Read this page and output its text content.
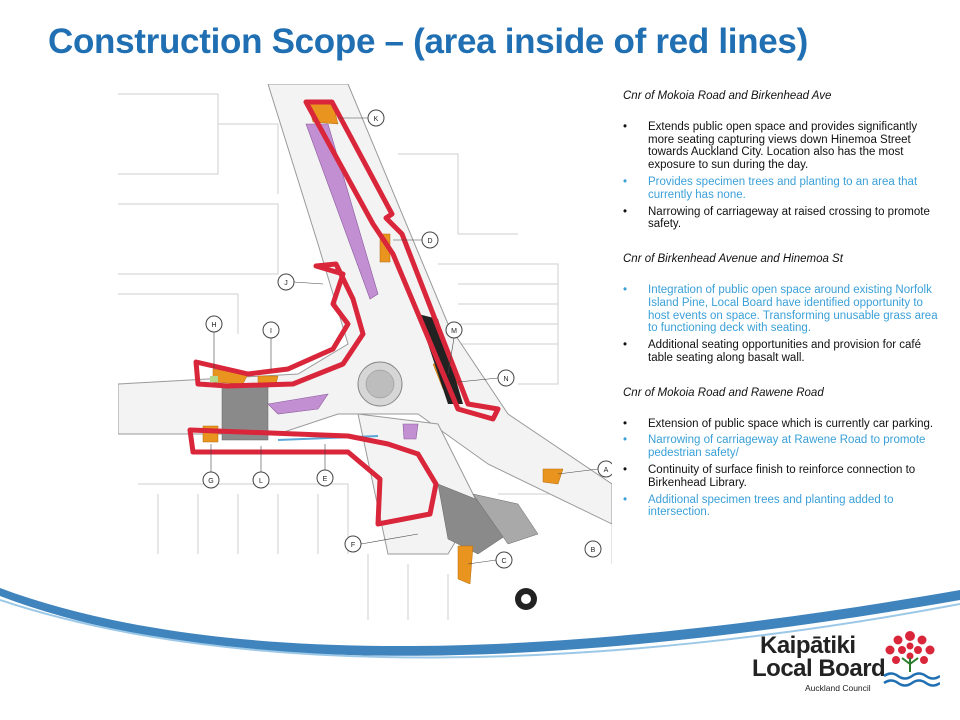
Construction Scope – (area inside of red lines)
K
D
J
M
H
I
N
G	L	E
F
B
C
A
Cnr of Mokoia Road and Birkenhead Ave
• Extends public open space and provides significantly more seating capturing views down Hinemoa Street towards Auckland City. Location also has the most exposure to sun during the day.
• Provides specimen trees and planting to an area that currently has none.
• Narrowing of carriageway at raised crossing to promote safety.
Cnr of Birkenhead Avenue and Hinemoa St
• Integration of public open space around existing Norfolk Island Pine, Local Board have identified opportunity to host events on space. Transforming unusable grass area to functioning deck with seating.
• Additional seating opportunities and provision for café table seating along basalt wall.
Cnr of Mokoia Road and Rawene Road
• Extension of public space which is currently car parking.
• Narrowing of carriageway at Rawene Road to promote pedestrian safety/
• Continuity of surface finish to reinforce connection to Birkenhead Library.
• Additional specimen trees and planting added to intersection.
Kaipātiki
Local Board
Auckland Council
